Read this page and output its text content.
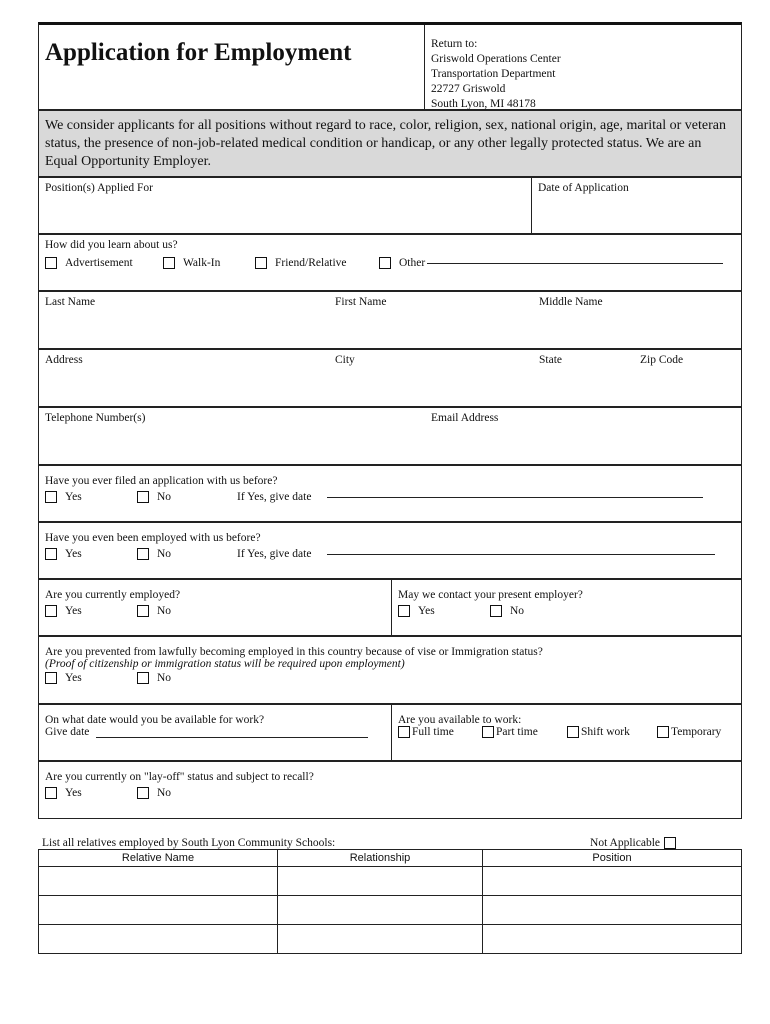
Application for Employment	Return to:
Griswold Operations Center
Transportation Department
22727 Griswold
South Lyon, MI 48178
We consider applicants for all positions without regard to race, color, religion, sex, national origin, age, marital or veteran status, the presence of non-job-related medical condition or handicap, or any other legally protected status. We are an Equal Opportunity Employer.
Position(s) Applied For	Date of Application
How did you learn about us?
Advertisement	Walk-In	Friend/Relative	Other
Last Name	First Name	Middle Name
Address	City	State	Zip Code
Telephone Number(s)	Email Address
Have you ever filed an application with us before?
Yes	No	If Yes, give date
Have you even been employed with us before?
Yes	No	If Yes, give date
Are you currently employed?
Yes	No
May we contact your present employer?
Yes	No
Are you prevented from lawfully becoming employed in this country because of vise or Immigration status?
(Proof of citizenship or immigration status will be required upon employment)
Yes	No
On what date would you be available for work?
Give date
Are you available to work:
Full time	Part time	Shift work	Temporary
Are you currently on "lay-off" status and subject to recall?
Yes	No
List all relatives employed by South Lyon Community Schools:	Not Applicable
Relative Name	Relationship	Position
